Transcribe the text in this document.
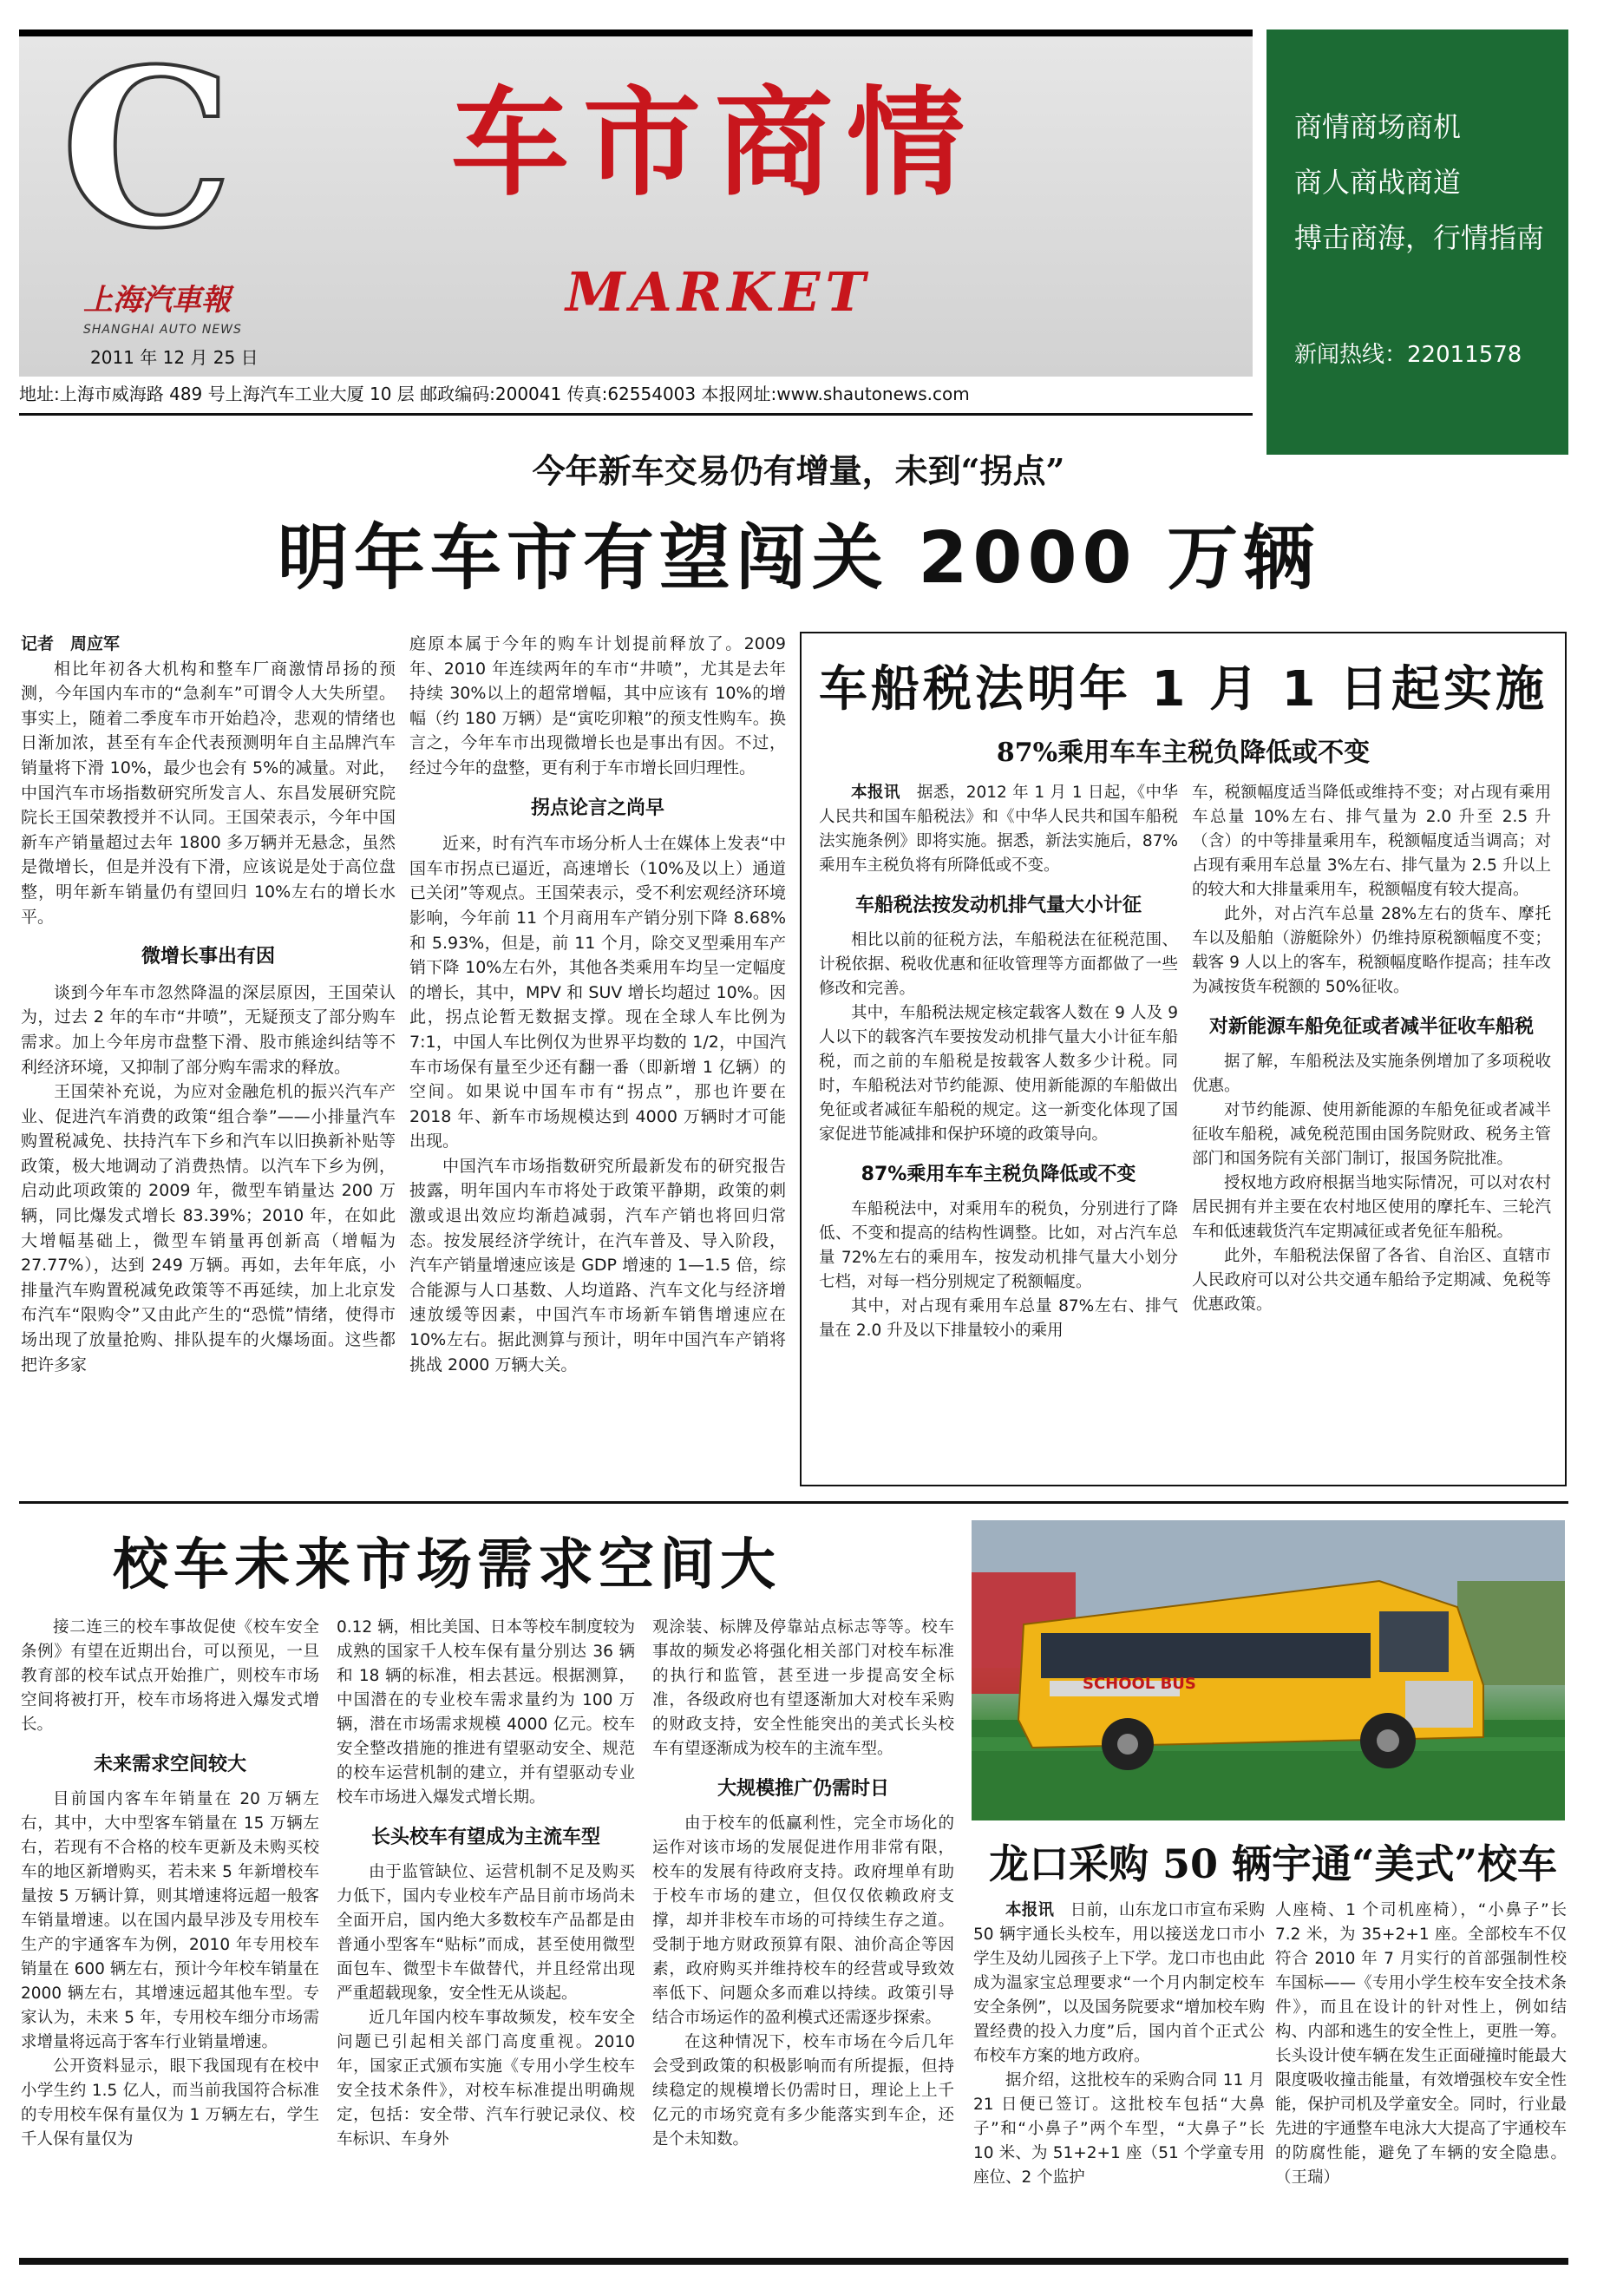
C
上海汽車報
SHANGHAI AUTO NEWS
2011 年 12 月 25 日
车市商情
MARKET
地址:上海市威海路 489 号上海汽车工业大厦 10 层 邮政编码:200041 传真:62554003 本报网址:www.shautonews.com
商情商场商机
商人商战商道
搏击商海，行情指南
新闻热线：22011578
今年新车交易仍有增量，未到“拐点”
明年车市有望闯关 2000 万辆
记者　周应军

相比年初各大机构和整车厂商激情昂扬的预测，今年国内车市的“急刹车”可谓令人大失所望。事实上，随着二季度车市开始趋冷，悲观的情绪也日渐加浓，甚至有车企代表预测明年自主品牌汽车销量将下滑 10%，最少也会有 5%的减量。对此，中国汽车市场指数研究所发言人、东昌发展研究院院长王国荣教授并不认同。王国荣表示，今年中国新车产销量超过去年 1800 多万辆并无悬念，虽然是微增长，但是并没有下滑，应该说是处于高位盘整，明年新车销量仍有望回归 10%左右的增长水平。

微增长事出有因

谈到今年车市忽然降温的深层原因，王国荣认为，过去 2 年的车市“井喷”，无疑预支了部分购车需求。加上今年房市盘整下滑、股市熊途纠结等不利经济环境，又抑制了部分购车需求的释放。

王国荣补充说，为应对金融危机的振兴汽车产业、促进汽车消费的政策“组合拳”——小排量汽车购置税减免、扶持汽车下乡和汽车以旧换新补贴等政策，极大地调动了消费热情。以汽车下乡为例，启动此项政策的 2009 年，微型车销量达 200 万辆，同比爆发式增长 83.39%；2010 年，在如此大增幅基础上，微型车销量再创新高（增幅为 27.77%），达到 249 万辆。再如，去年年底，小排量汽车购置税减免政策等不再延续，加上北京发布汽车“限购令”又由此产生的“恐慌”情绪，使得市场出现了放量抢购、排队提车的火爆场面。这些都把许多家

庭原本属于今年的购车计划提前释放了。2009 年、2010 年连续两年的车市“井喷”，尤其是去年持续 30%以上的超常增幅，其中应该有 10%的增幅（约 180 万辆）是“寅吃卯粮”的预支性购车。换言之，今年车市出现微增长也是事出有因。不过，经过今年的盘整，更有利于车市增长回归理性。

拐点论言之尚早

近来，时有汽车市场分析人士在媒体上发表“中国车市拐点已逼近，高速增长（10%及以上）通道已关闭”等观点。王国荣表示，受不利宏观经济环境影响，今年前 11 个月商用车产销分别下降 8.68%和 5.93%，但是，前 11 个月，除交叉型乘用车产销下降 10%左右外，其他各类乘用车均呈一定幅度的增长，其中，MPV 和 SUV 增长均超过 10%。因此，拐点论暂无数据支撑。现在全球人车比例为 7:1，中国人车比例仅为世界平均数的 1/2，中国汽车市场保有量至少还有翻一番（即新增 1 亿辆）的空间。如果说中国车市有“拐点”，那也许要在 2018 年、新车市场规模达到 4000 万辆时才可能出现。

中国汽车市场指数研究所最新发布的研究报告披露，明年国内车市将处于政策平静期，政策的刺激或退出效应均渐趋减弱，汽车产销也将回归常态。按发展经济学统计，在汽车普及、导入阶段，汽车产销量增速应该是 GDP 增速的 1—1.5 倍，综合能源与人口基数、人均道路、汽车文化与经济增速放缓等因素，中国汽车市场新车销售增速应在 10%左右。据此测算与预计，明年中国汽车产销将挑战 2000 万辆大关。

车船税法明年 1 月 1 日起实施
87%乘用车车主税负降低或不变

本报讯　 据悉，2012 年 1 月 1 日起，《中华人民共和国车船税法》和《中华人民共和国车船税法实施条例》即将实施。据悉，新法实施后，87%乘用车主税负将有所降低或不变。

车船税法按发动机排气量大小计征

相比以前的征税方法，车船税法在征税范围、计税依据、税收优惠和征收管理等方面都做了一些修改和完善。

其中，车船税法规定核定载客人数在 9 人及 9 人以下的载客汽车要按发动机排气量大小计征车船税，而之前的车船税是按载客人数多少计税。同时，车船税法对节约能源、使用新能源的车船做出免征或者减征车船税的规定。这一新变化体现了国家促进节能减排和保护环境的政策导向。

87%乘用车车主税负降低或不变

车船税法中，对乘用车的税负，分别进行了降低、不变和提高的结构性调整。比如，对占汽车总量 72%左右的乘用车，按发动机排气量大小划分七档，对每一档分别规定了税额幅度。

其中，对占现有乘用车总量 87%左右、排气量在 2.0 升及以下排量较小的乘用

车，税额幅度适当降低或维持不变；对占现有乘用车总量 10%左右、排气量为 2.0 升至 2.5 升（含）的中等排量乘用车，税额幅度适当调高；对占现有乘用车总量 3%左右、排气量为 2.5 升以上的较大和大排量乘用车，税额幅度有较大提高。

此外，对占汽车总量 28%左右的货车、摩托车以及船舶（游艇除外）仍维持原税额幅度不变；载客 9 人以上的客车，税额幅度略作提高；挂车改为减按货车税额的 50%征收。

对新能源车船免征或者减半征收车船税

据了解，车船税法及实施条例增加了多项税收优惠。

对节约能源、使用新能源的车船免征或者减半征收车船税，减免税范围由国务院财政、税务主管部门和国务院有关部门制订，报国务院批准。

授权地方政府根据当地实际情况，可以对农村居民拥有并主要在农村地区使用的摩托车、三轮汽车和低速载货汽车定期减征或者免征车船税。

此外，车船税法保留了各省、自治区、直辖市人民政府可以对公共交通车船给予定期减、免税等优惠政策。

校车未来市场需求空间大

接二连三的校车事故促使《校车安全条例》有望在近期出台，可以预见，一旦教育部的校车试点开始推广，则校车市场空间将被打开，校车市场将进入爆发式增长。

未来需求空间较大

目前国内客车年销量在 20 万辆左右，其中，大中型客车销量在 15 万辆左右，若现有不合格的校车更新及未购买校车的地区新增购买，若未来 5 年新增校车量按 5 万辆计算，则其增速将远超一般客车销量增速。以在国内最早涉及专用校车生产的宇通客车为例，2010 年专用校车销量在 600 辆左右，预计今年校车销量在 2000 辆左右，其增速远超其他车型。专家认为，未来 5 年，专用校车细分市场需求增量将远高于客车行业销量增速。

公开资料显示，眼下我国现有在校中小学生约 1.5 亿人，而当前我国符合标准的专用校车保有量仅为 1 万辆左右，学生千人保有量仅为

0.12 辆，相比美国、日本等校车制度较为成熟的国家千人校车保有量分别达 36 辆和 18 辆的标准，相去甚远。根据测算，中国潜在的专业校车需求量约为 100 万辆，潜在市场需求规模 4000 亿元。校车安全整改措施的推进有望驱动安全、规范的校车运营机制的建立，并有望驱动专业校车市场进入爆发式增长期。

长头校车有望成为主流车型

由于监管缺位、运营机制不足及购买力低下，国内专业校车产品目前市场尚未全面开启，国内绝大多数校车产品都是由普通小型客车“贴标”而成，甚至使用微型面包车、微型卡车做替代，并且经常出现严重超载现象，安全性无从谈起。

近几年国内校车事故频发，校车安全问题已引起相关部门高度重视。2010 年，国家正式颁布实施《专用小学生校车安全技术条件》，对校车标准提出明确规定，包括：安全带、汽车行驶记录仪、校车标识、车身外

观涂装、标牌及停靠站点标志等等。校车事故的频发必将强化相关部门对校车标准的执行和监管，甚至进一步提高安全标准，各级政府也有望逐渐加大对校车采购的财政支持，安全性能突出的美式长头校车有望逐渐成为校车的主流车型。

大规模推广仍需时日

由于校车的低赢利性，完全市场化的运作对该市场的发展促进作用非常有限，校车的发展有待政府支持。政府埋单有助于校车市场的建立，但仅仅依赖政府支撑，却并非校车市场的可持续生存之道。受制于地方财政预算有限、油价高企等因素，政府购买并维持校车的经营或导致效率低下、问题众多而难以持续。政策引导结合市场运作的盈利模式还需逐步探索。

在这种情况下，校车市场在今后几年会受到政策的积极影响而有所提振，但持续稳定的规模增长仍需时日，理论上上千亿元的市场究竟有多少能落实到车企，还是个未知数。

SCHOOL BUS
龙口采购 50 辆宇通“美式”校车

本报讯　 日前，山东龙口市宣布采购 50 辆宇通长头校车，用以接送龙口市小学生及幼儿园孩子上下学。龙口市也由此成为温家宝总理要求“一个月内制定校车安全条例”，以及国务院要求“增加校车购置经费的投入力度”后，国内首个正式公布校车方案的地方政府。

据介绍，这批校车的采购合同 11 月 21 日便已签订。这批校车包括“大鼻子”和“小鼻子”两个车型，“大鼻子”长 10 米、为 51+2+1 座（51 个学童专用座位、2 个监护

人座椅、1 个司机座椅），“小鼻子”长 7.2 米，为 35+2+1 座。全部校车不仅符合 2010 年 7 月实行的首部强制性校车国标——《专用小学生校车安全技术条件》，而且在设计的针对性上，例如结构、内部和逃生的安全性上，更胜一筹。长头设计使车辆在发生正面碰撞时能最大限度吸收撞击能量，有效增强校车安全性能，保护司机及学童安全。同时，行业最先进的宇通整车电泳大大提高了宇通校车的防腐性能，避免了车辆的安全隐患。（王瑞）
